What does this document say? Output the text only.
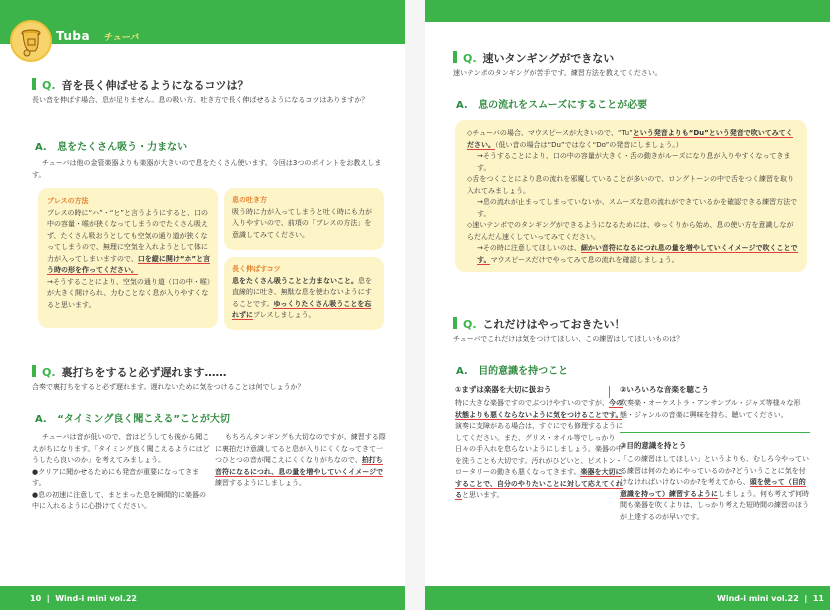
Tuba チューバ
Q. 音を長く伸ばせるようになるコツは？
長い音を伸ばす場合、息が足りません。息の吸い方、吐き方で長く伸ばせるようになるコツはありますか？
A. 息をたくさん吸う・力まない
チューバは他の金管楽器よりも楽器が大きいので息をたくさん使います。今回は3つのポイントをお教えします。
ブレスの方法
ブレスの時に“ハ”・“ヒ”と言うようにすると、口の中の容量・喉が狭くなってしまうのでたくさん吸えず、たくさん吸おうとしても空気の通り道が狭くなってしまうので、無理に空気を入れようとして体に力が入ってしまいますので、口を縦に開け“ホ”と言う時の形を作ってください。
→そうすることにより、空気の通り道（口の中・喉）が大きく開けられ、力むことなく息が入りやすくなると思います。
息の吐き方
吸う時に力が入ってしまうと吐く時にも力が入りやすいので、前項の「ブレスの方法」を意識してみてください。
長く伸ばすコツ
息をたくさん吸うことと力まないこと。息を直線的に吐き、無駄な息を使わないようにすることです。ゆっくりたくさん吸うことを忘れずにブレスしましょう。
Q. 裏打ちをすると必ず遅れます……
合奏で裏打ちをすると必ず遅れます。遅れないために気をつけることは何でしょうか？
A. “タイミング良く聞こえる”ことが大切
チューバは音が低いので、音はどうしても後から聞こえがちになります。「タイミング良く聞こえるようにはどうしたら良いのか」を考えてみましょう。
●クリアに聞かせるためにも発音が重要になってきます。
●息の初速に注意して、まとまった息を瞬間的に楽器の中に入れるように心掛けてください。
もちろんタンギングも大切なのですが、練習する際に裏拍だけ意識してると息が入りにくくなってきて一つひとつの音が聞こえにくくなりがちなので、拍打ち音符になるにつれ、息の量を増やしていくイメージで練習するようにしましょう。
10  |  Wind-i mini vol.22
Q. 速いタンギングができない
速いテンポのタンギングが苦手です。練習方法を教えてください。
A. 息の流れをスムーズにすることが必要
◇チューバの場合、マウスピースが大きいので、“Tu”という発音よりも“Du”という発音で吹いてみてください。（低い音の場合は“Du”ではなく“Do”の発音にしましょう。）
→そうすることにより、口の中の容量が大きく・舌の動きがルーズになり息が入りやすくなってきます。
◇舌をつくことにより息の流れを邪魔していることが多いので、ロングトーンの中で舌をつく練習を取り入れてみましょう。
→息の流れが止まってしまっていないか、スムーズな息の流れができているかを確認できる練習方法です。
◇速いテンポでのタンギングができるようになるためには、ゆっくりから始め、息の使い方を意識しながらだんだん速くしていってみてください。
→その時に注意してほしいのは、細かい音符になるにつれ息の量を増やしていくイメージで吹くことです。マウスピースだけでやってみて息の流れを確認しましょう。
Q. これだけはやっておきたい！
チューバでこれだけは気をつけてほしい、この練習はしてほしいものは？
A. 目的意識を持つこと
①まずは楽器を大切に扱おう
特に大きな楽器ですのでぶつけやすいのですが、今の状態よりも悪くならないように気をつけることです。演奏に支障がある場合は、すぐにでも修理するようにしてください。また、グリス・オイル等でしっかり日々の手入れを怠らないようにしましょう。楽器の中を洗うことも大切です。汚れがひどいと、ピストン・ロータリーの動きも悪くなってきます。楽器を大切にすることで、自分のやりたいことに対して応えてくれると思います。
②いろいろな音楽を聴こう
吹奏楽・オーケストラ・アンサンブル・ジャズ等様々な形態・ジャンルの音楽に興味を持ち、聴いてください。
③目的意識を持とう
「この練習はしてほしい」というよりも、むしろ今やっている練習は何のためにやっているのか?どういうことに気を付けなければいけないのか?を考えてから、頭を使って（目的意識を持って）練習するようにしましょう。何も考えず何時間も楽器を吹くよりは、しっかり考えた短時間の練習のほうが上達するのが早いです。
Wind-i mini vol.22  |  11
